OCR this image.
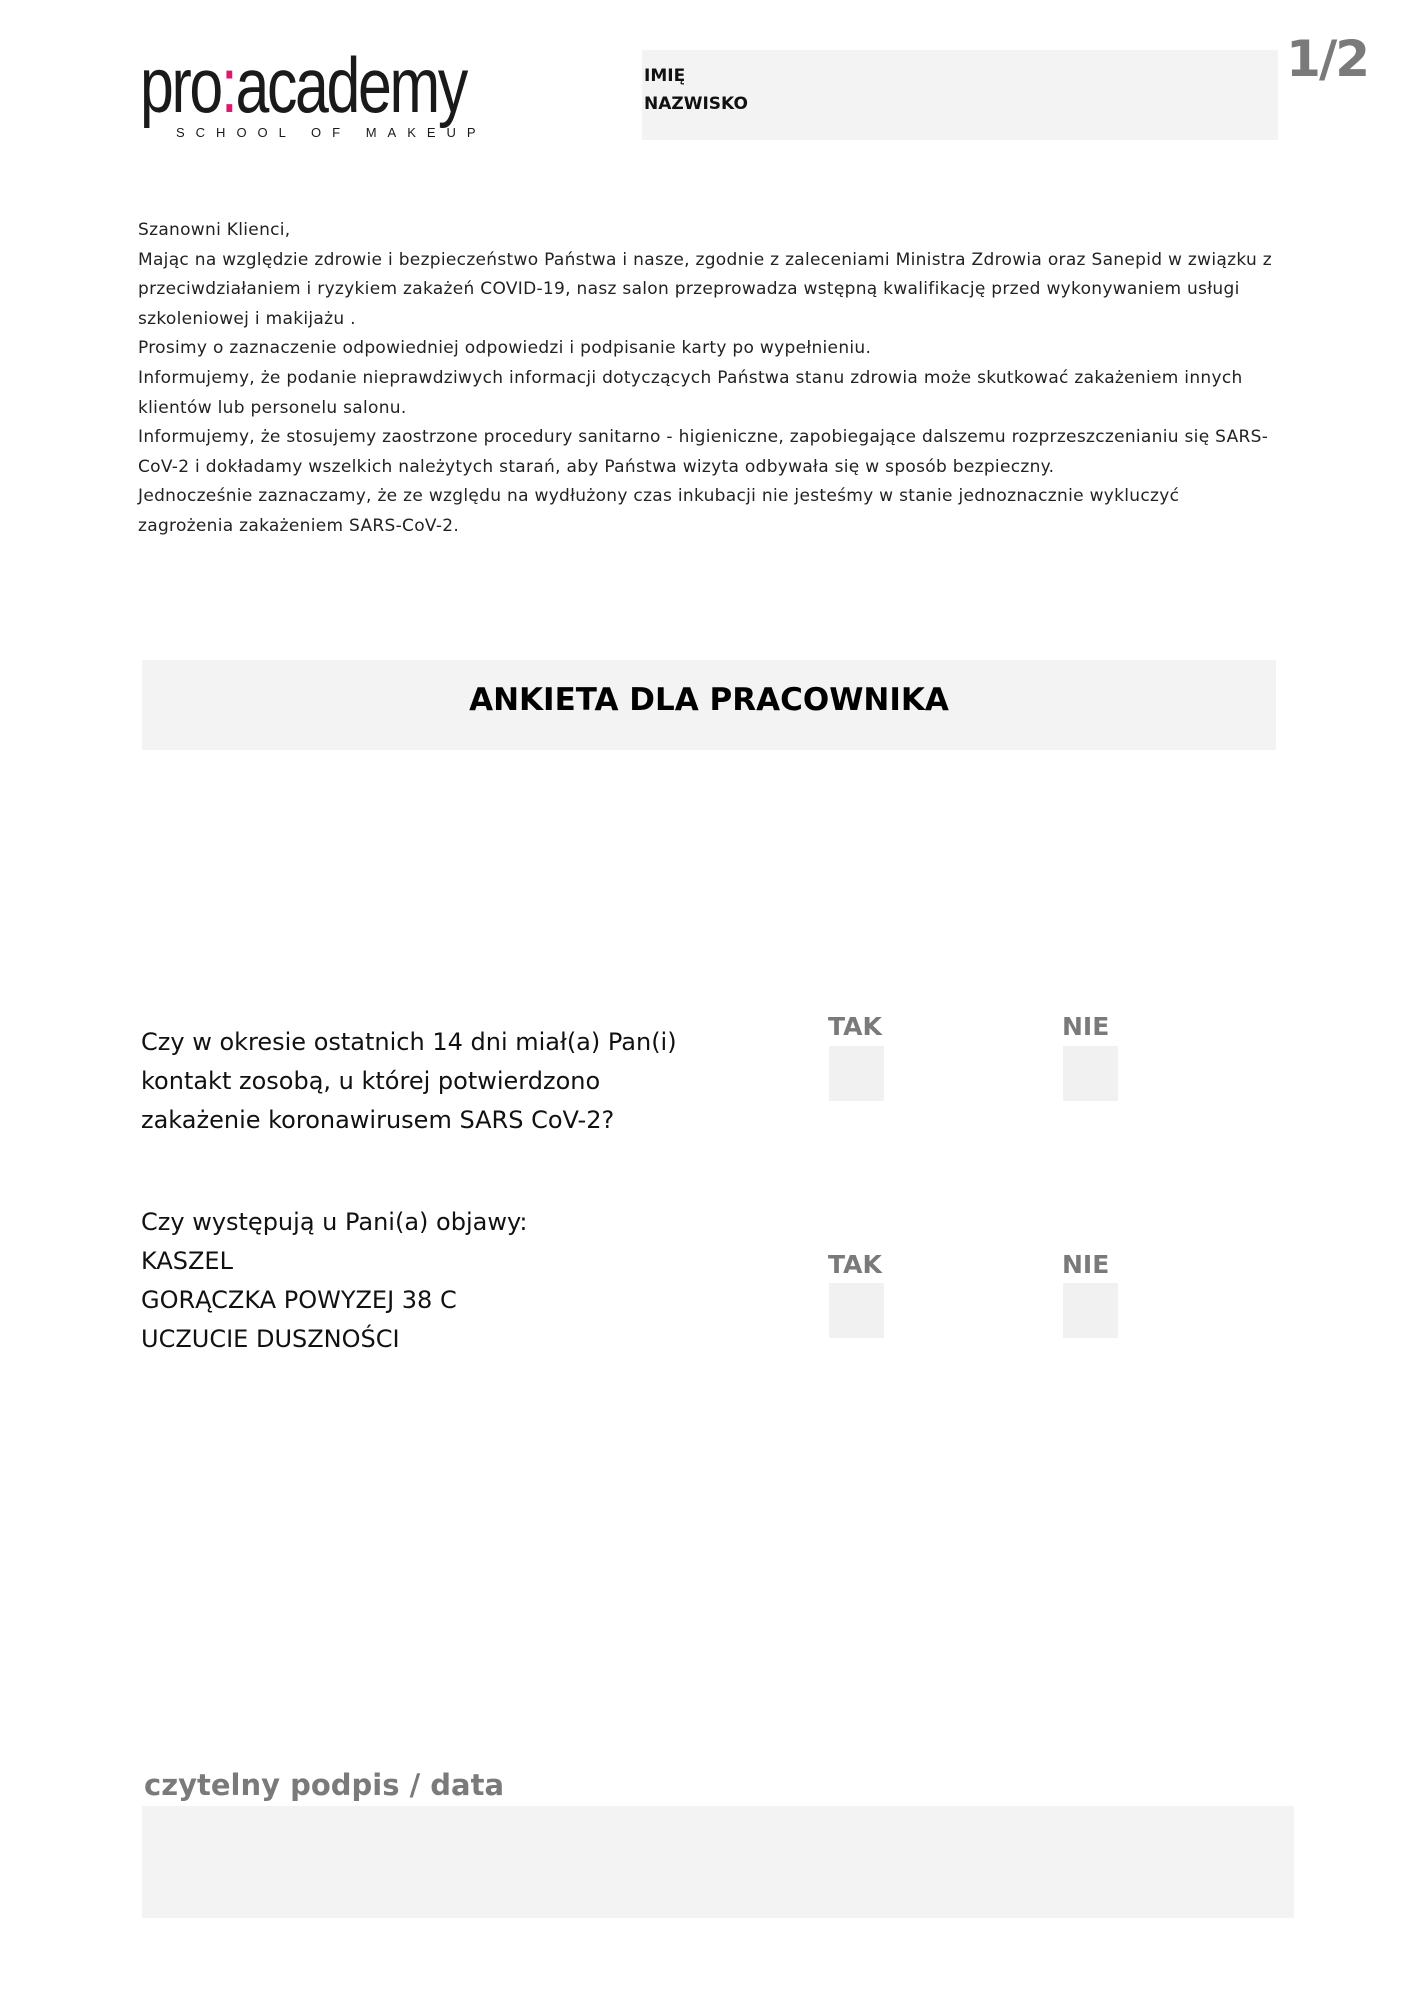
pro:academy
SCHOOL OF MAKEUP
IMIĘ
NAZWISKO
1/2

Szanowni Klienci,

Mając na względzie zdrowie i bezpieczeństwo Państwa i nasze, zgodnie z zaleceniami Ministra Zdrowia oraz Sanepid w związku z przeciwdziałaniem i ryzykiem zakażeń COVID-19, nasz salon przeprowadza wstępną kwalifikację przed wykonywaniem usługi szkoleniowej i makijażu .

Prosimy o zaznaczenie odpowiedniej odpowiedzi i podpisanie karty po wypełnieniu.

Informujemy, że podanie nieprawdziwych informacji dotyczących Państwa stanu zdrowia może skutkować zakażeniem innych klientów lub personelu salonu.

Informujemy, że stosujemy zaostrzone procedury sanitarno - higieniczne, zapobiegające dalszemu rozprzeszczenianiu się SARS-CoV-2 i dokładamy wszelkich należytych starań, aby Państwa wizyta odbywała się w sposób bezpieczny.

Jednocześnie zaznaczamy, że ze względu na wydłużony czas inkubacji nie jesteśmy w stanie jednoznacznie wykluczyć zagrożenia zakażeniem SARS-CoV-2.

ANKIETA DLA PRACOWNIKA

Czy w okresie ostatnich 14 dni miał(a) Pan(i) kontakt zosobą, u której potwierdzono zakażenie koronawirusem SARS CoV-2?

TAK	NIE

Czy występują u Pani(a) objawy:

KASZEL

GORĄCZKA POWYZEJ 38 C

UCZUCIE DUSZNOŚCI

TAK	NIE
czytelny podpis / data
